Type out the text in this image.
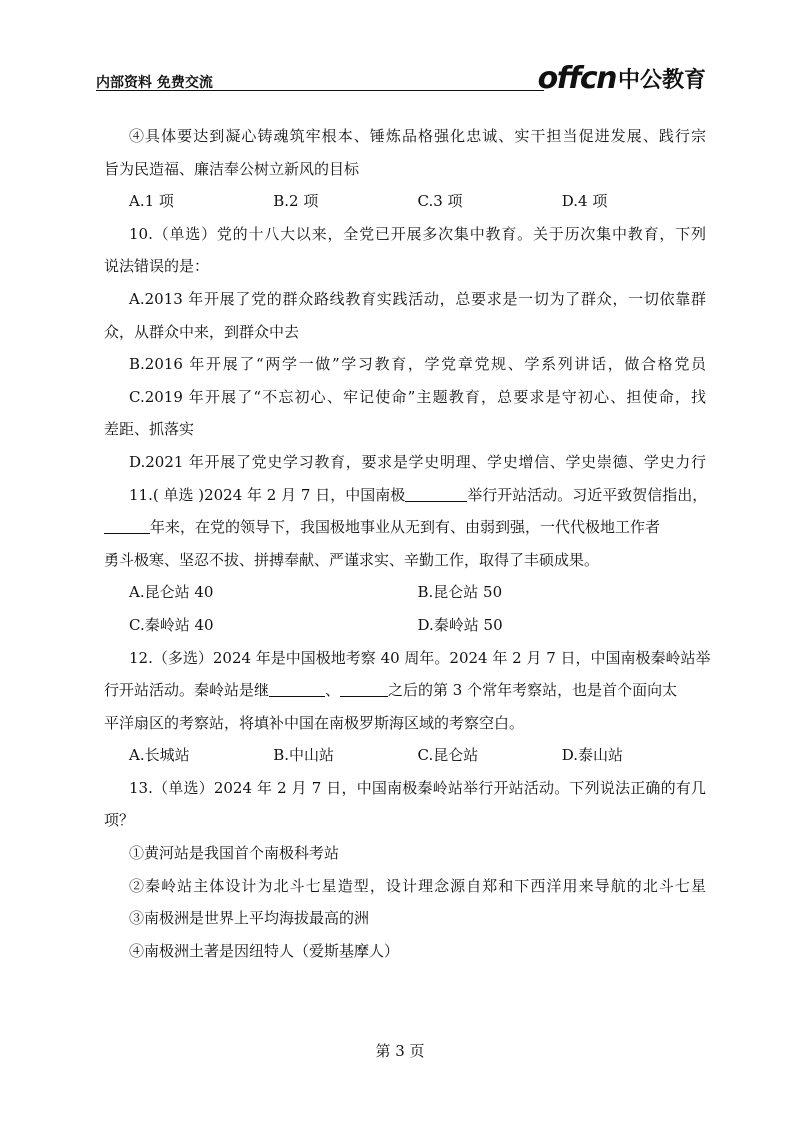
内部资料 免费交流	offcn 中公教育
④具体要达到凝心铸魂筑牢根本、锤炼品格强化忠诚、实干担当促进发展、践行宗
旨为民造福、廉洁奉公树立新风的目标
A.1 项	B.2 项	C.3 项	D.4 项
10.（单选）党的十八大以来，全党已开展多次集中教育。关于历次集中教育，下列
说法错误的是：
A.2013 年开展了党的群众路线教育实践活动，总要求是一切为了群众，一切依靠群
众，从群众中来，到群众中去
B.2016 年开展了“两学一做”学习教育，学党章党规、学系列讲话，做合格党员
C.2019 年开展了“不忘初心、牢记使命”主题教育，总要求是守初心、担使命，找
差距、抓落实
D.2021 年开展了党史学习教育，要求是学史明理、学史增信、学史崇德、学史力行
11.( 单选 )2024 年 2 月 7 日，中国南极	举行开站活动。习近平致贺信指出，
年来，在党的领导下，我国极地事业从无到有、由弱到强，一代代极地工作者
勇斗极寒、坚忍不拔、拼搏奉献、严谨求实、辛勤工作，取得了丰硕成果。
A.昆仑站 40	B.昆仑站 50
C.秦岭站 40	D.秦岭站 50
12.（多选）2024 年是中国极地考察 40 周年。2024 年 2 月 7 日，中国南极秦岭站举
行开站活动。秦岭站是继	、	之后的第 3 个常年考察站，也是首个面向太
平洋扇区的考察站，将填补中国在南极罗斯海区域的考察空白。
A.长城站	B.中山站	C.昆仑站	D.泰山站
13.（单选）2024 年 2 月 7 日，中国南极秦岭站举行开站活动。下列说法正确的有几
项？
①黄河站是我国首个南极科考站
②秦岭站主体设计为北斗七星造型，设计理念源自郑和下西洋用来导航的北斗七星
③南极洲是世界上平均海拔最高的洲
④南极洲土著是因纽特人（爱斯基摩人）
第 3 页
